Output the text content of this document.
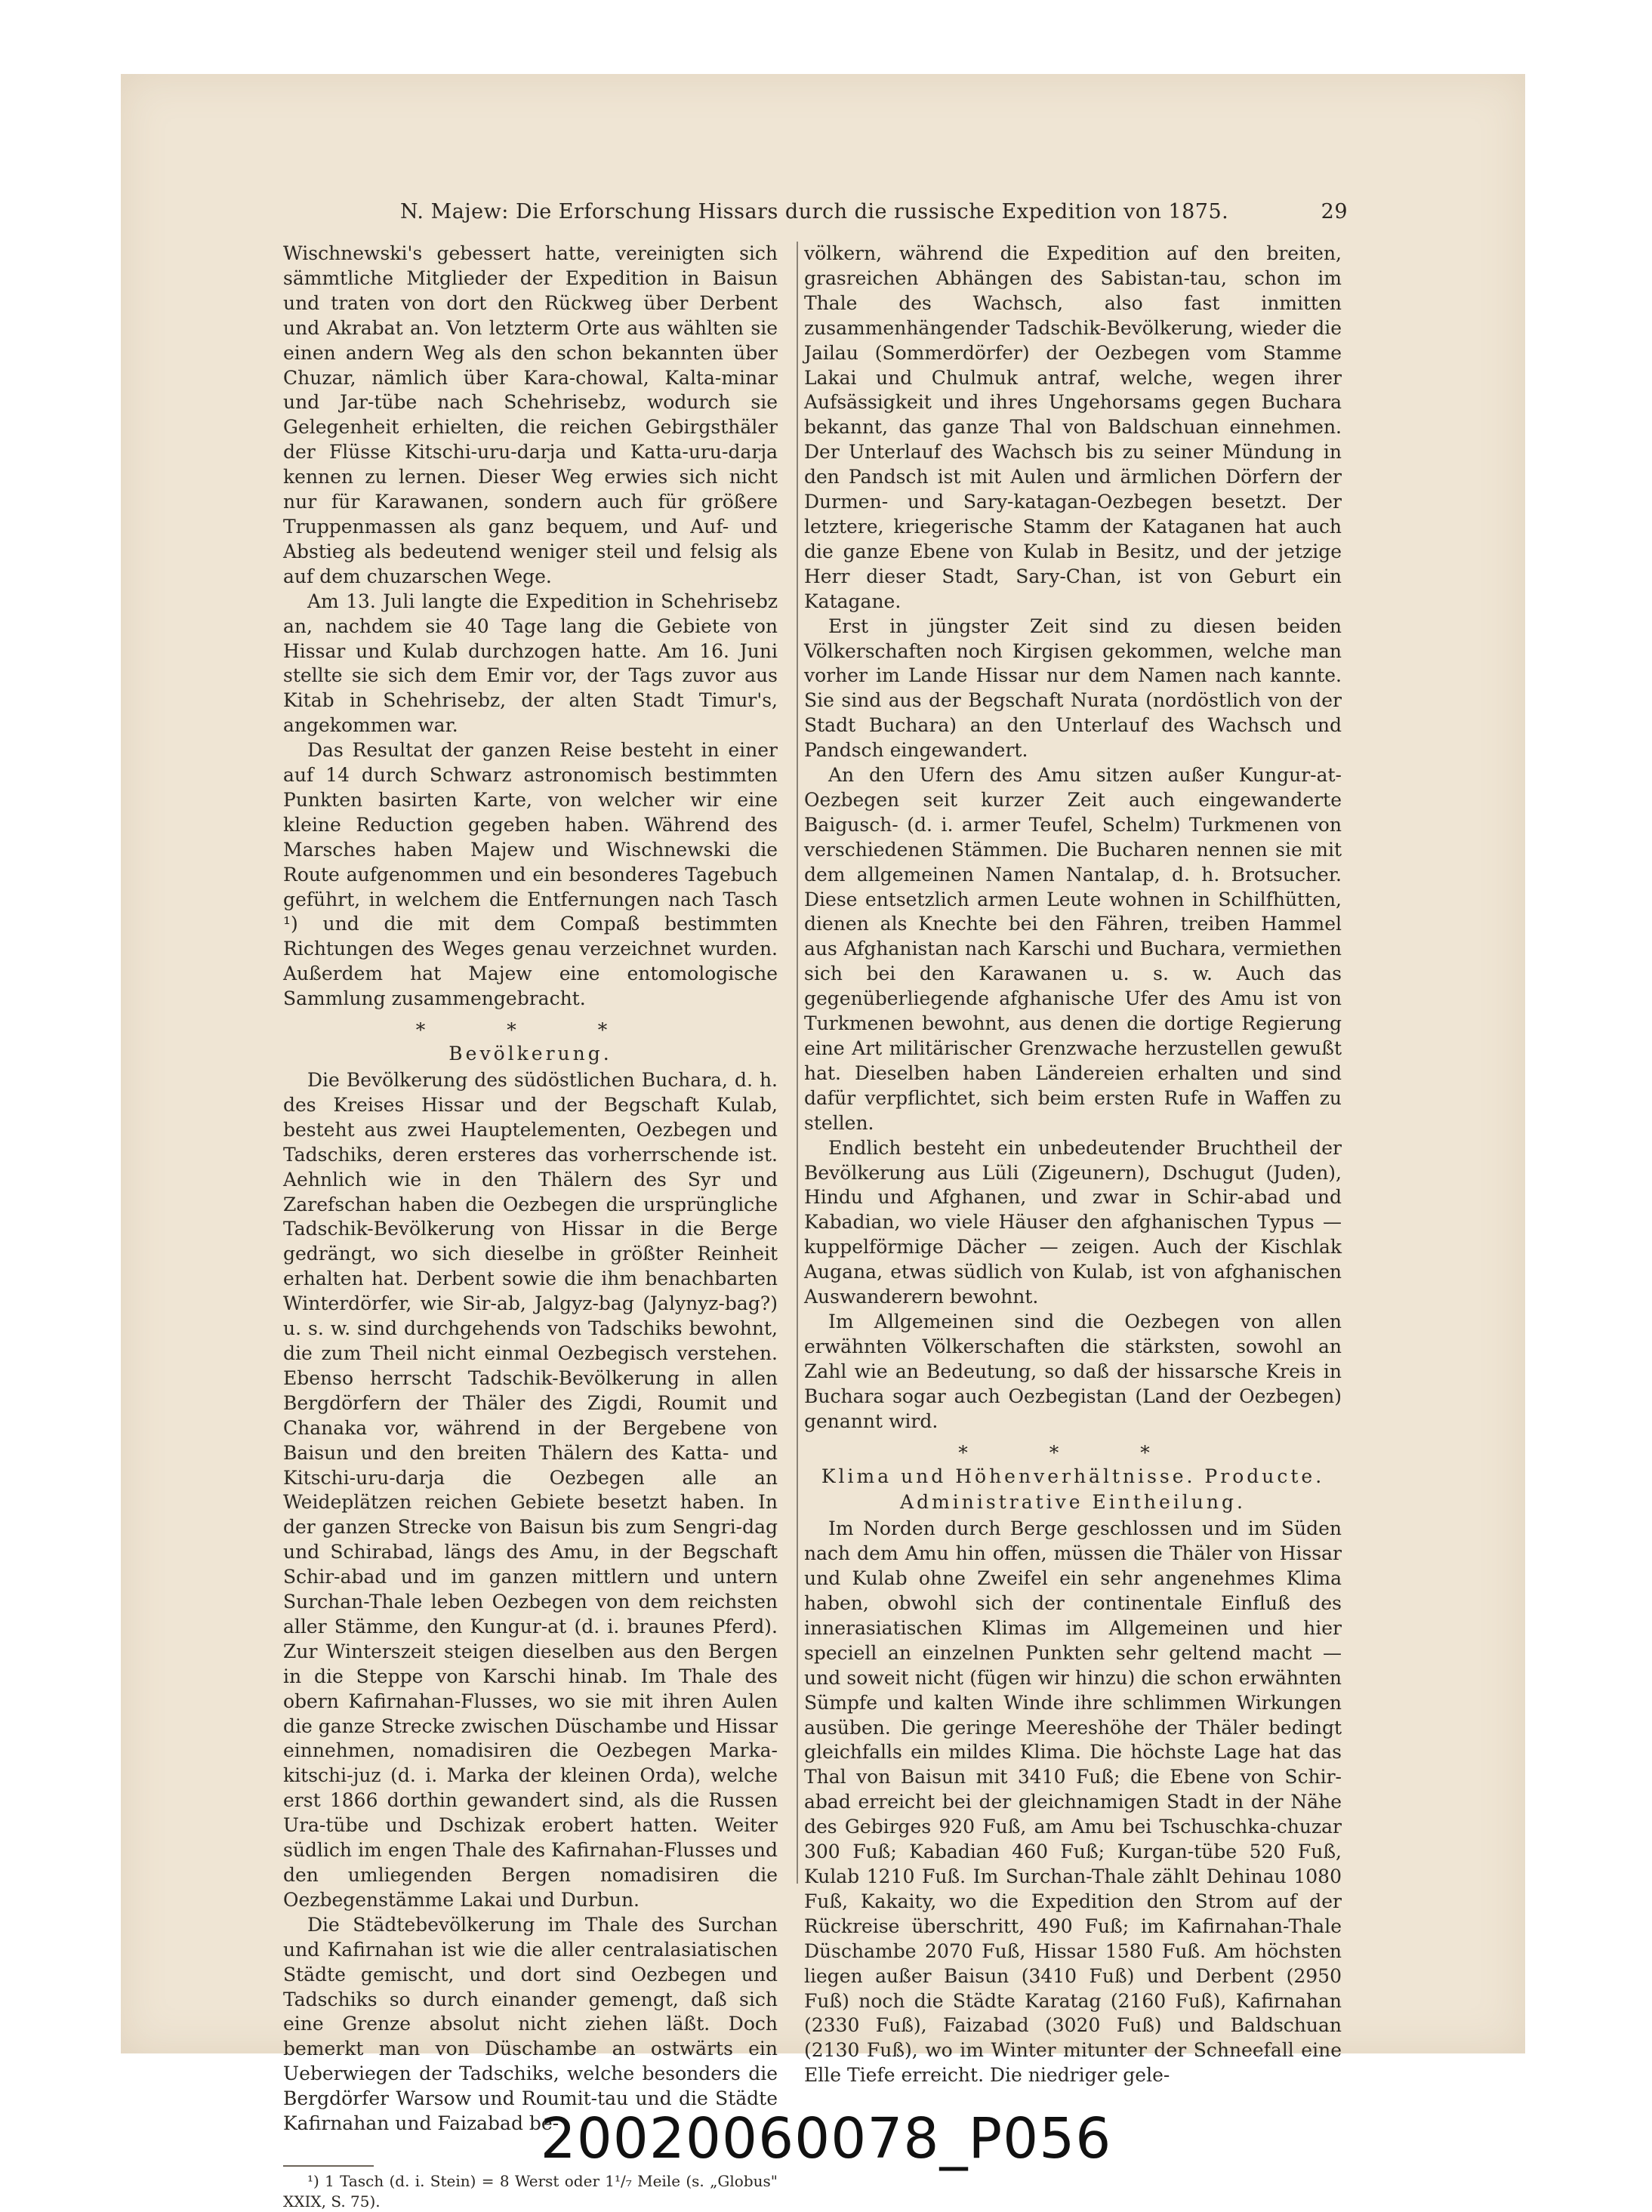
N. Majew: Die Erforschung Hissars durch die russische Expedition von 1875.	29

Wischnewski's gebessert hatte, vereinigten sich sämmtliche Mitglieder der Expedition in Baisun und traten von dort den Rückweg über Derbent und Akrabat an. Von letzterm Orte aus wählten sie einen andern Weg als den schon bekannten über Chuzar, nämlich über Kara-chowal, Kalta-minar und Jar-tübe nach Schehrisebz, wodurch sie Gelegenheit erhielten, die reichen Gebirgsthäler der Flüsse Kitschi-uru-darja und Katta-uru-darja kennen zu lernen. Dieser Weg erwies sich nicht nur für Karawanen, sondern auch für größere Truppenmassen als ganz bequem, und Auf- und Abstieg als bedeutend weniger steil und felsig als auf dem chuzarschen Wege.

Am 13. Juli langte die Expedition in Schehrisebz an, nachdem sie 40 Tage lang die Gebiete von Hissar und Kulab durchzogen hatte. Am 16. Juni stellte sie sich dem Emir vor, der Tags zuvor aus Kitab in Schehrisebz, der alten Stadt Timur's, angekommen war.

Das Resultat der ganzen Reise besteht in einer auf 14 durch Schwarz astronomisch bestimmten Punkten basirten Karte, von welcher wir eine kleine Reduction gegeben haben. Während des Marsches haben Majew und Wischnewski die Route aufgenommen und ein besonderes Tagebuch geführt, in welchem die Entfernungen nach Tasch ¹) und die mit dem Compaß bestimmten Richtungen des Weges genau verzeichnet wurden. Außerdem hat Majew eine entomologische Sammlung zusammengebracht.

* * *
Bevölkerung.

Die Bevölkerung des südöstlichen Buchara, d. h. des Kreises Hissar und der Begschaft Kulab, besteht aus zwei Hauptelementen, Oezbegen und Tadschiks, deren ersteres das vorherrschende ist. Aehnlich wie in den Thälern des Syr und Zarefschan haben die Oezbegen die ursprüngliche Tadschik-Bevölkerung von Hissar in die Berge gedrängt, wo sich dieselbe in größter Reinheit erhalten hat. Derbent sowie die ihm benachbarten Winterdörfer, wie Sir-ab, Jalgyz-bag (Jalynyz-bag?) u. s. w. sind durchgehends von Tadschiks bewohnt, die zum Theil nicht einmal Oezbegisch verstehen. Ebenso herrscht Tadschik-Bevölkerung in allen Bergdörfern der Thäler des Zigdi, Roumit und Chanaka vor, während in der Bergebene von Baisun und den breiten Thälern des Katta- und Kitschi-uru-darja die Oezbegen alle an Weideplätzen reichen Gebiete besetzt haben. In der ganzen Strecke von Baisun bis zum Sengri-dag und Schirabad, längs des Amu, in der Begschaft Schir-abad und im ganzen mittlern und untern Surchan-Thale leben Oezbegen von dem reichsten aller Stämme, den Kungur-at (d. i. braunes Pferd). Zur Winterszeit steigen dieselben aus den Bergen in die Steppe von Karschi hinab. Im Thale des obern Kafirnahan-Flusses, wo sie mit ihren Aulen die ganze Strecke zwischen Düschambe und Hissar einnehmen, nomadisiren die Oezbegen Marka-kitschi-juz (d. i. Marka der kleinen Orda), welche erst 1866 dorthin gewandert sind, als die Russen Ura-tübe und Dschizak erobert hatten. Weiter südlich im engen Thale des Kafirnahan-Flusses und den umliegenden Bergen nomadisiren die Oezbegenstämme Lakai und Durbun.

Die Städtebevölkerung im Thale des Surchan und Kafirnahan ist wie die aller centralasiatischen Städte gemischt, und dort sind Oezbegen und Tadschiks so durch einander gemengt, daß sich eine Grenze absolut nicht ziehen läßt. Doch bemerkt man von Düschambe an ostwärts ein Ueberwiegen der Tadschiks, welche besonders die Bergdörfer Warsow und Roumit-tau und die Städte Kafirnahan und Faizabad be-

¹) 1 Tasch (d. i. Stein) = 8 Werst oder 1¹/₇ Meile (s. „Globus" XXIX, S. 75).

völkern, während die Expedition auf den breiten, grasreichen Abhängen des Sabistan-tau, schon im Thale des Wachsch, also fast inmitten zusammenhängender Tadschik-Bevölkerung, wieder die Jailau (Sommerdörfer) der Oezbegen vom Stamme Lakai und Chulmuk antraf, welche, wegen ihrer Aufsässigkeit und ihres Ungehorsams gegen Buchara bekannt, das ganze Thal von Baldschuan einnehmen. Der Unterlauf des Wachsch bis zu seiner Mündung in den Pandsch ist mit Aulen und ärmlichen Dörfern der Durmen- und Sary-katagan-Oezbegen besetzt. Der letztere, kriegerische Stamm der Kataganen hat auch die ganze Ebene von Kulab in Besitz, und der jetzige Herr dieser Stadt, Sary-Chan, ist von Geburt ein Katagane.

Erst in jüngster Zeit sind zu diesen beiden Völkerschaften noch Kirgisen gekommen, welche man vorher im Lande Hissar nur dem Namen nach kannte. Sie sind aus der Begschaft Nurata (nordöstlich von der Stadt Buchara) an den Unterlauf des Wachsch und Pandsch eingewandert.

An den Ufern des Amu sitzen außer Kungur-at-Oezbegen seit kurzer Zeit auch eingewanderte Baigusch- (d. i. armer Teufel, Schelm) Turkmenen von verschiedenen Stämmen. Die Bucharen nennen sie mit dem allgemeinen Namen Nantalap, d. h. Brotsucher. Diese entsetzlich armen Leute wohnen in Schilfhütten, dienen als Knechte bei den Fähren, treiben Hammel aus Afghanistan nach Karschi und Buchara, vermiethen sich bei den Karawanen u. s. w. Auch das gegenüberliegende afghanische Ufer des Amu ist von Turkmenen bewohnt, aus denen die dortige Regierung eine Art militärischer Grenzwache herzustellen gewußt hat. Dieselben haben Ländereien erhalten und sind dafür verpflichtet, sich beim ersten Rufe in Waffen zu stellen.

Endlich besteht ein unbedeutender Bruchtheil der Bevölkerung aus Lüli (Zigeunern), Dschugut (Juden), Hindu und Afghanen, und zwar in Schir-abad und Kabadian, wo viele Häuser den afghanischen Typus — kuppelförmige Dächer — zeigen. Auch der Kischlak Augana, etwas südlich von Kulab, ist von afghanischen Auswanderern bewohnt.

Im Allgemeinen sind die Oezbegen von allen erwähnten Völkerschaften die stärksten, sowohl an Zahl wie an Bedeutung, so daß der hissarsche Kreis in Buchara sogar auch Oezbegistan (Land der Oezbegen) genannt wird.

* * *
Klima und Höhenverhältnisse. Producte.
Administrative Eintheilung.

Im Norden durch Berge geschlossen und im Süden nach dem Amu hin offen, müssen die Thäler von Hissar und Kulab ohne Zweifel ein sehr angenehmes Klima haben, obwohl sich der continentale Einfluß des innerasiatischen Klimas im Allgemeinen und hier speciell an einzelnen Punkten sehr geltend macht — und soweit nicht (fügen wir hinzu) die schon erwähnten Sümpfe und kalten Winde ihre schlimmen Wirkungen ausüben. Die geringe Meereshöhe der Thäler bedingt gleichfalls ein mildes Klima. Die höchste Lage hat das Thal von Baisun mit 3410 Fuß; die Ebene von Schir-abad erreicht bei der gleichnamigen Stadt in der Nähe des Gebirges 920 Fuß, am Amu bei Tschuschka-chuzar 300 Fuß; Kabadian 460 Fuß; Kurgan-tübe 520 Fuß, Kulab 1210 Fuß. Im Surchan-Thale zählt Dehinau 1080 Fuß, Kakaity, wo die Expedition den Strom auf der Rückreise überschritt, 490 Fuß; im Kafirnahan-Thale Düschambe 2070 Fuß, Hissar 1580 Fuß. Am höchsten liegen außer Baisun (3410 Fuß) und Derbent (2950 Fuß) noch die Städte Karatag (2160 Fuß), Kafirnahan (2330 Fuß), Faizabad (3020 Fuß) und Baldschuan (2130 Fuß), wo im Winter mitunter der Schneefall eine Elle Tiefe erreicht. Die niedriger gele-

20020060078_P056
